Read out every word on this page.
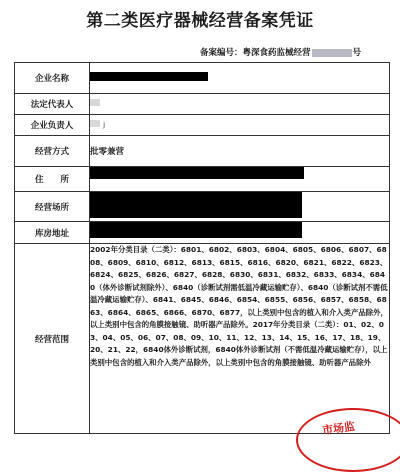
第二类医疗器械经营备案凭证
备案编号：粤深食药监械经营	号
企业名称	
法定代表人	
企业负责人	j
经营方式	批零兼营
住　　所	
经营场所	
库房地址	
经营范围	2002年分类目录（二类）：6801、6802、6803、6804、6805、6806、6807、6808、6809、6810、6812、6813、6815、6816、6820、6821、6822、6823、6824、6825、6826、6827、6828、6830、6831、6832、6833、6834、6840（体外诊断试剂除外）、6840（诊断试剂需低温冷藏运输贮存）、6840（诊断试剂不需低温冷藏运输贮存）、6841、6845、6846、6854、6855、6856、6857、6858、6863、6864、6865、6866、6870、6877，以上类别中包含的植入和介入类产品除外，以上类别中包含的角膜接触镜、助听器产品除外。2017年分类目录（二类）：01、02、03、04、05、06、07、08、09、10、11、12、13、14、15、16、17、18、19、20、21、22，6840体外诊断试剂，6840体外诊断试剂（不需低温冷藏运输贮存），以上类别中包含的植入和介入类产品除外，以上类别中包含的角膜接触镜、助听器产品除外
市场监
